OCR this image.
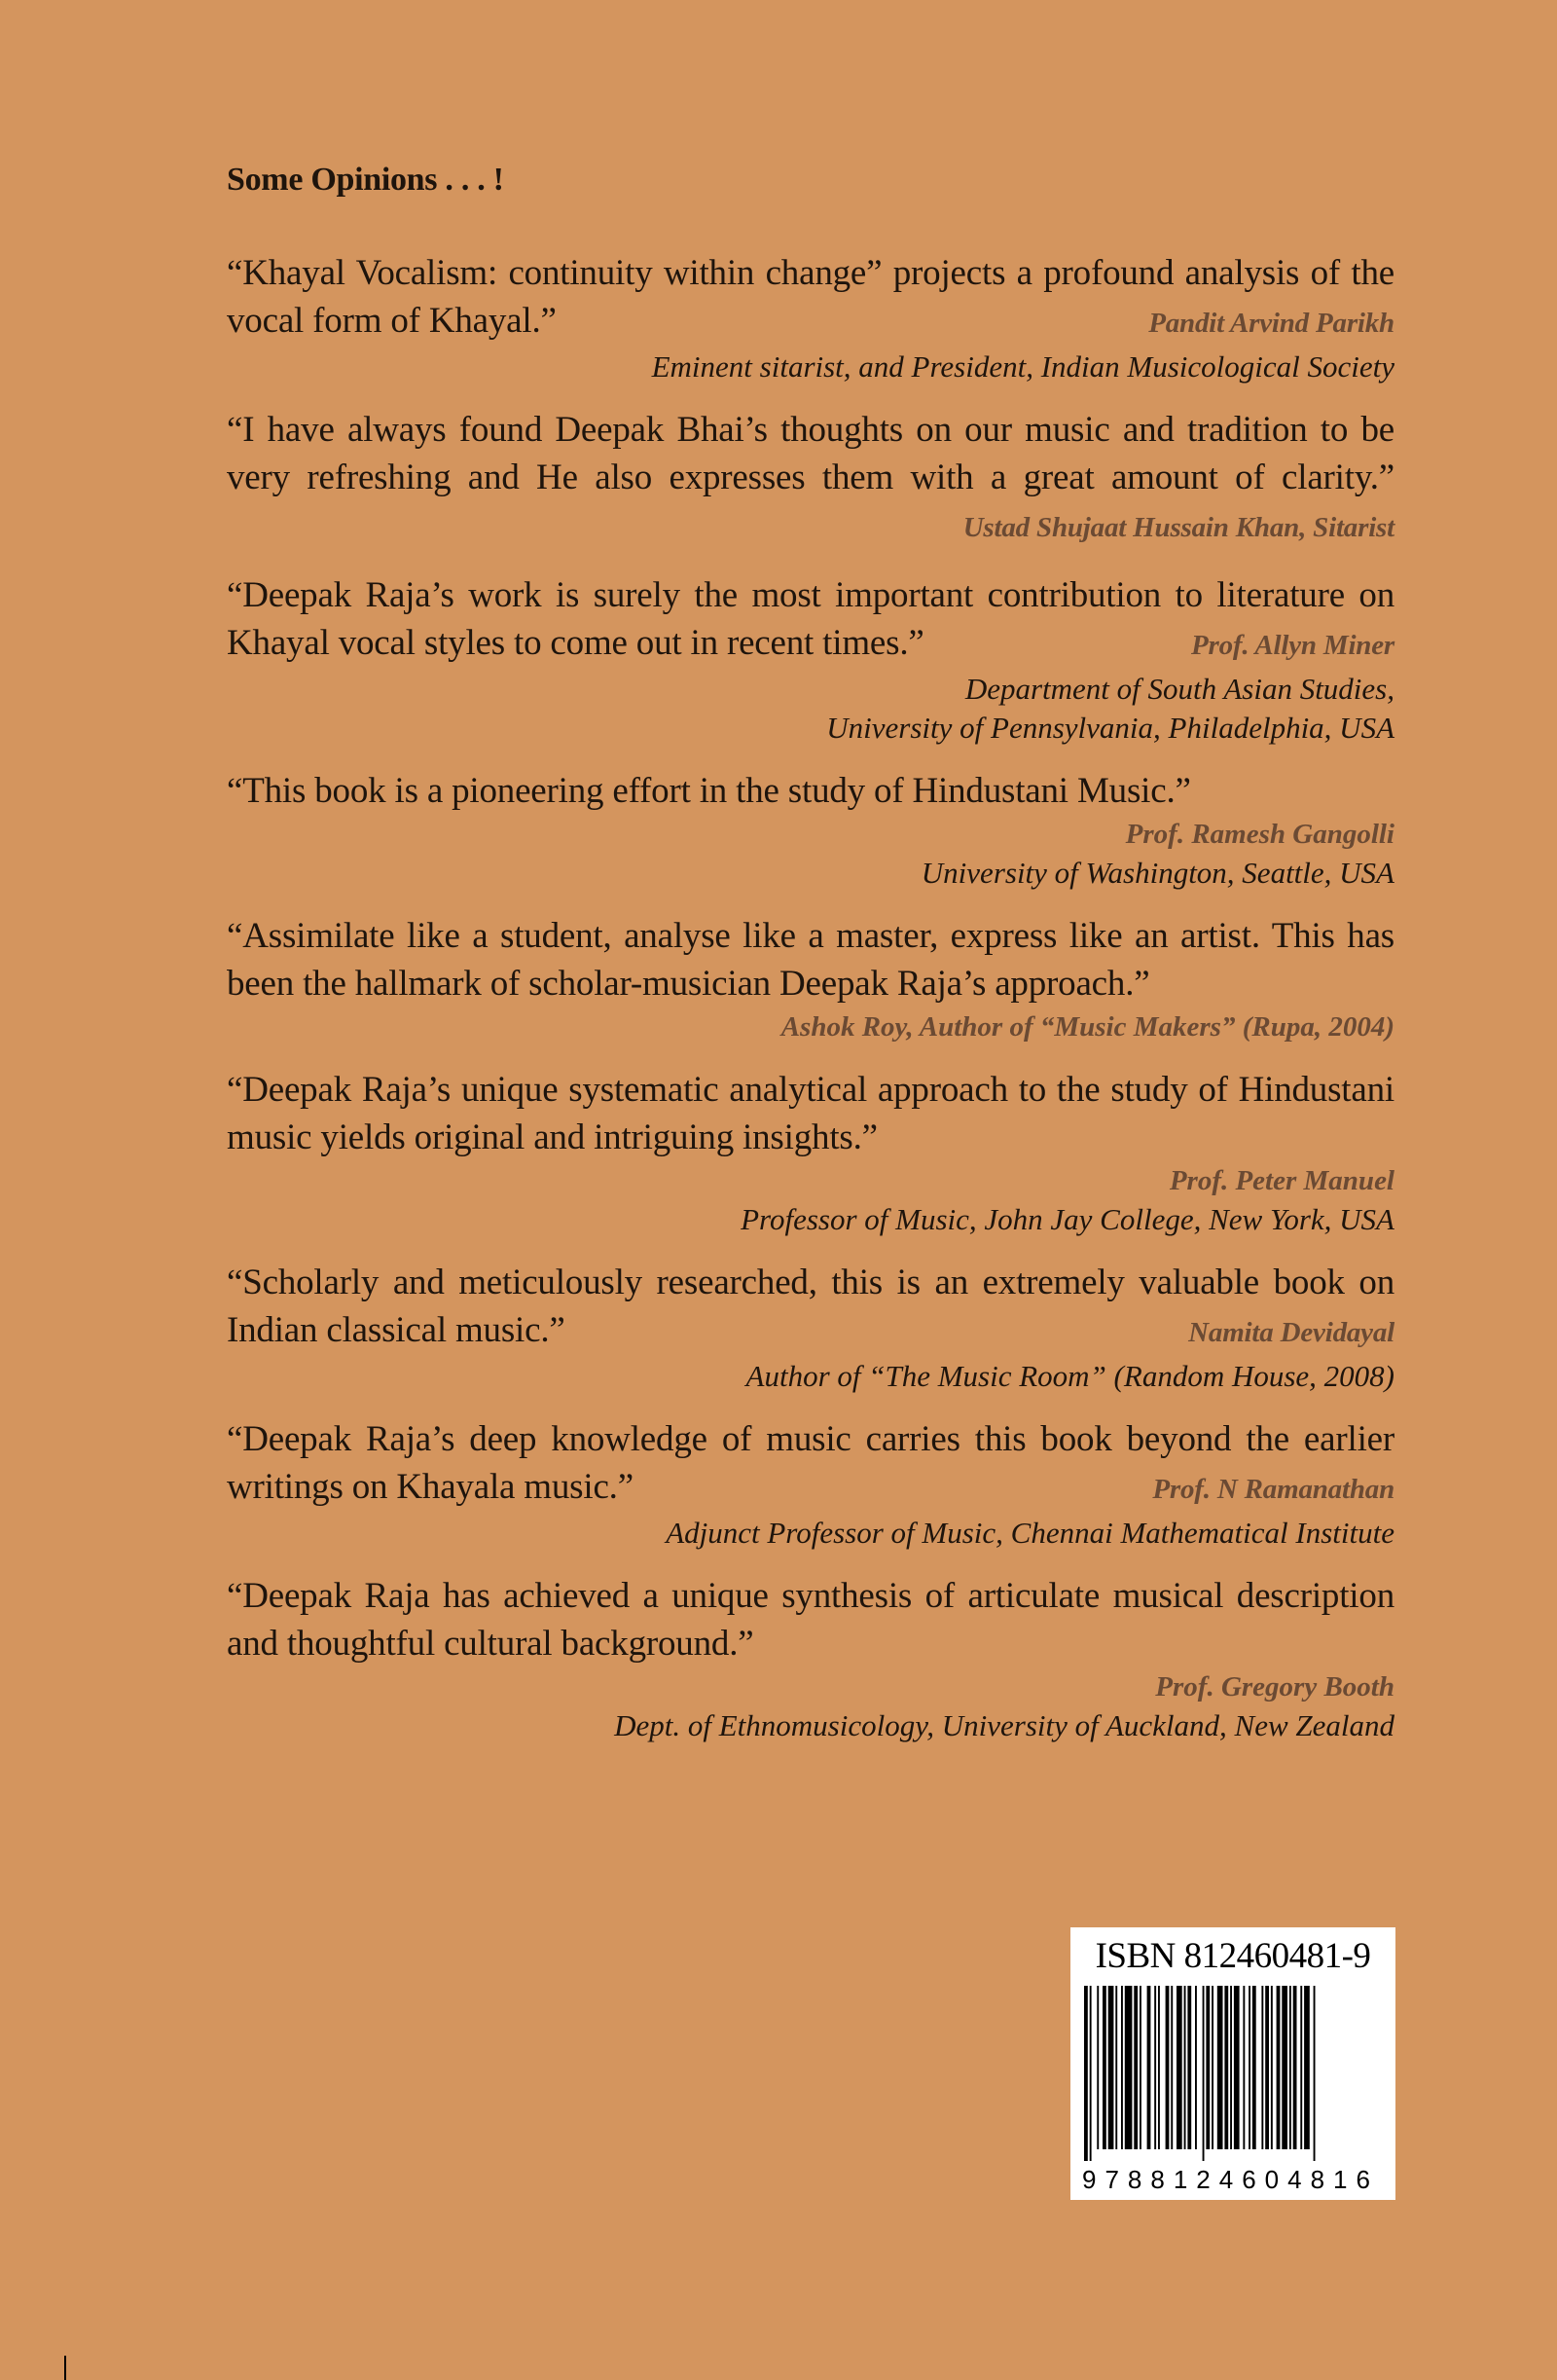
Some Opinions . . . !
“Khayal Vocalism: continuity within change” projects a profound analysis of the vocal form of Khayal.”	Pandit Arvind Parikh
Eminent sitarist, and President, Indian Musicological Society
“I have always found Deepak Bhai’s thoughts on our music and tradition to be very refreshing and He also expresses them with a great amount of clarity.”Ustad Shujaat Hussain Khan, Sitarist
“Deepak Raja’s work is surely the most important contribution to literature on Khayal vocal styles to come out in recent times.”	Prof. Allyn Miner
Department of South Asian Studies,
University of Pennsylvania, Philadelphia, USA
“This book is a pioneering effort in the study of Hindustani Music.”
Prof. Ramesh Gangolli
University of Washington, Seattle, USA
“Assimilate like a student, analyse like a master, express like an artist. This has been the hallmark of scholar-musician Deepak Raja’s approach.”
Ashok Roy, Author of “Music Makers” (Rupa, 2004)
“Deepak Raja’s unique systematic analytical approach to the study of Hindustani music yields original and intriguing insights.”
Prof. Peter Manuel
Professor of Music, John Jay College, New York, USA
“Scholarly and meticulously researched, this is an extremely valuable book on Indian classical music.”	Namita Devidayal
Author of “The Music Room” (Random House, 2008)
“Deepak Raja’s deep knowledge of music carries this book beyond the earlier writings on Khayala music.”	Prof. N Ramanathan
Adjunct Professor of Music, Chennai Mathematical Institute
“Deepak Raja has achieved a unique synthesis of articulate musical description and thoughtful cultural background.”
Prof. Gregory Booth
Dept. of Ethnomusicology, University of Auckland, New Zealand
ISBN 812460481-9
9788124604816
